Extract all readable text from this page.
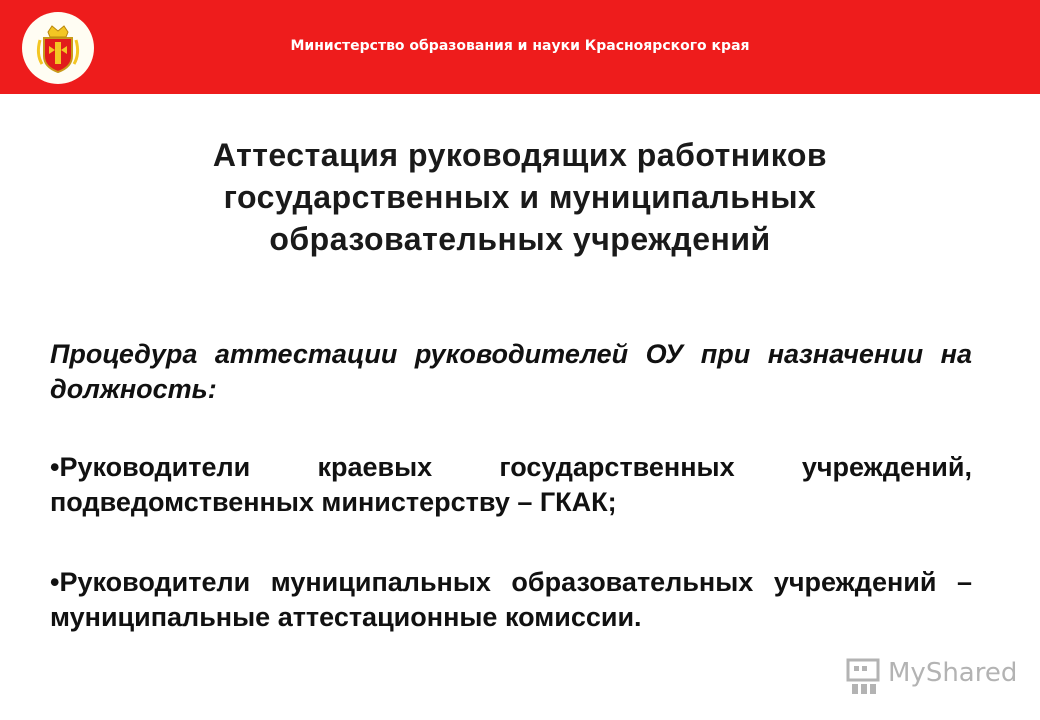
Министерство образования и науки Красноярского края
Аттестация руководящих работников
государственных и муниципальных
образовательных учреждений
Процедура аттестации руководителей ОУ при назначении на должность:
•Руководители краевых государственных учреждений, подведомственных министерству – ГКАК;
•Руководители муниципальных образовательных учреждений – муниципальные аттестационные комиссии.
MyShared
